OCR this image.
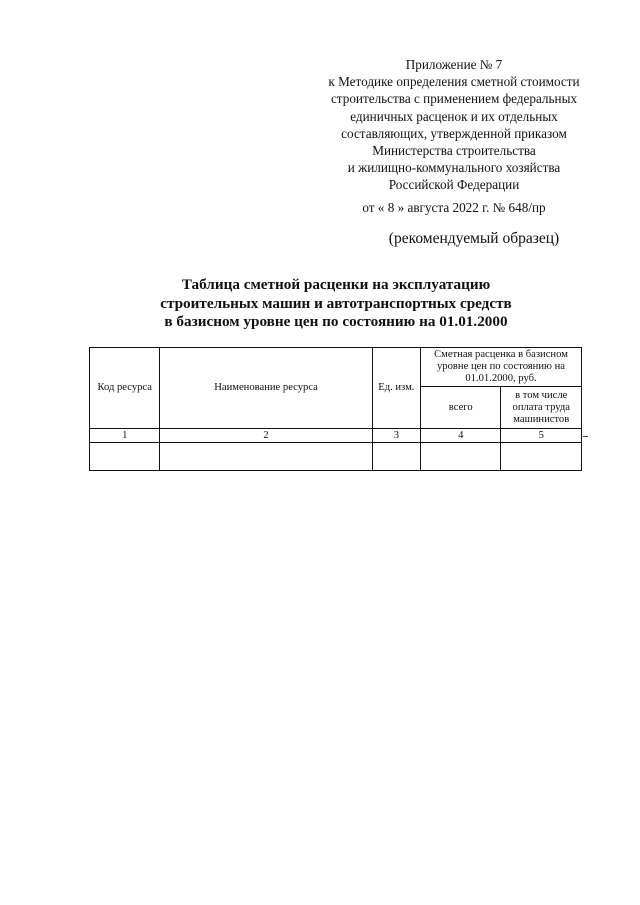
Приложение № 7
к Методике определения сметной стоимости
строительства с применением федеральных
единичных расценок и их отдельных
составляющих, утвержденной приказом
Министерства строительства
и жилищно-коммунального хозяйства
Российской Федерации
от « 8 » августа 2022 г. № 648/пр
(рекомендуемый образец)
Таблица сметной расценки на эксплуатацию
строительных машин и автотранспортных средств
в базисном уровне цен по состоянию на 01.01.2000
Код ресурса	Наименование ресурса	Ед. изм.	Сметная расценка в базисном уровне цен по состоянию на 01.01.2000, руб.	
			всего	в том числе оплата труда машинистов
1	2	3	4	5
